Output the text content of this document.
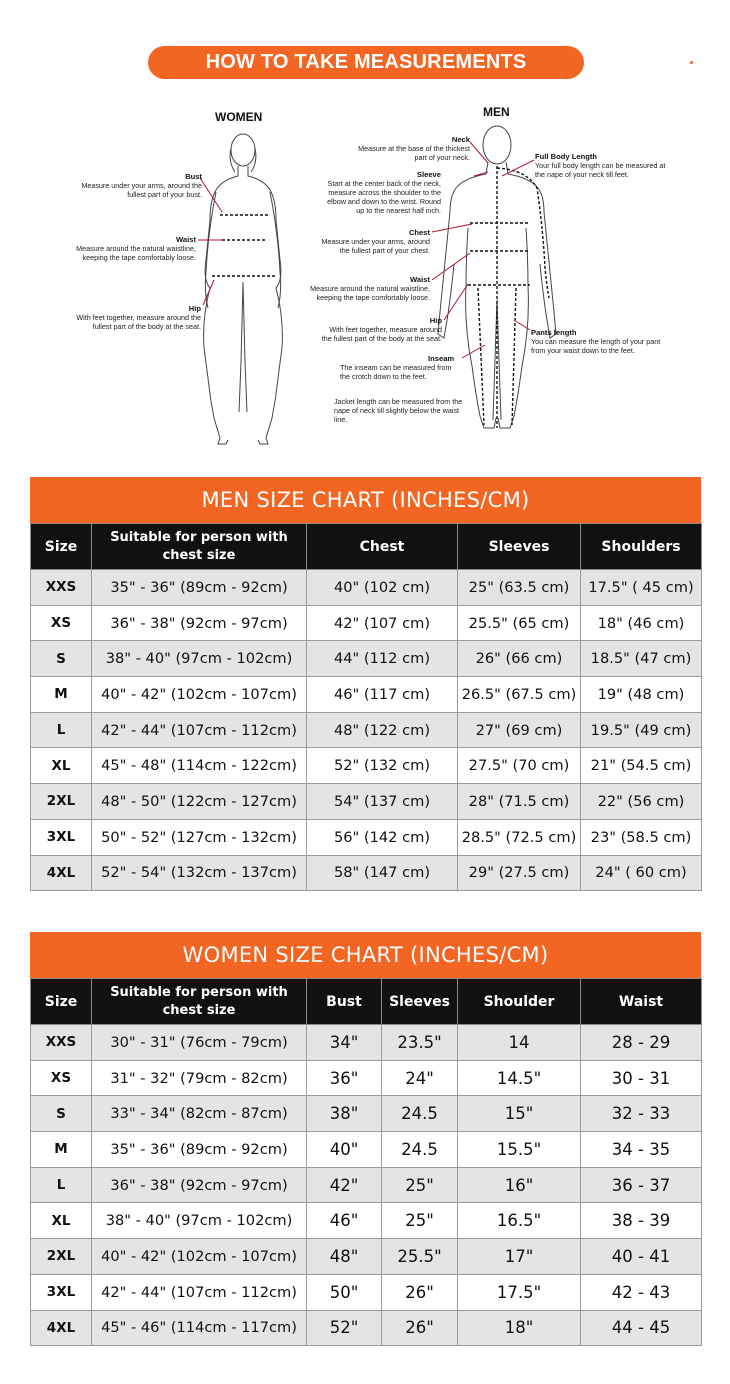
HOW TO TAKE MEASUREMENTS
WOMEN
Bust
Measure under your arms, around the
fullest part of your bust.
Waist
Measure around the natural waistline,
keeping the tape comfortably loose.
Hip
With feet together, measure around the
fullest part of the body at the seat.
MEN
Neck
Measure at the base of the thickest
part of your neck.
Sleeve
Start at the center back of the neck,
measure across the shoulder to the
elbow and down to the wrist. Round
up to the nearest half inch.
Chest
Measure under your arms, around
the fullest part of your chest.
Waist
Measure around the natural waistline,
keeping the tape comfortably loose.
Hip
With feet together, measure around
the fullest part of the body at the seat.
Inseam
The inseam can be measured from
the crotch down to the feet.
Jacket length can be measured from the
nape of neck till slightly below the waist
line.
Full Body Length
Your full body length can be measured at
the nape of your neck till feet.
Pants length
You can measure the length of your pant
from your waist down to the feet.
MEN SIZE CHART (INCHES/CM)
Size	Suitable for person with chest size	Chest	Sleeves	Shoulders
XXS	35" - 36" (89cm - 92cm)	40" (102 cm)	25" (63.5 cm)	17.5" ( 45 cm)
XS	36" - 38" (92cm - 97cm)	42" (107 cm)	25.5" (65 cm)	18" (46 cm)
S	38" - 40" (97cm - 102cm)	44" (112 cm)	26" (66 cm)	18.5" (47 cm)
M	40" - 42" (102cm - 107cm)	46" (117 cm)	26.5" (67.5 cm)	19" (48 cm)
L	42" - 44" (107cm - 112cm)	48" (122 cm)	27" (69 cm)	19.5" (49 cm)
XL	45" - 48" (114cm - 122cm)	52" (132 cm)	27.5" (70 cm)	21" (54.5 cm)
2XL	48" - 50" (122cm - 127cm)	54" (137 cm)	28" (71.5 cm)	22" (56 cm)
3XL	50" - 52" (127cm - 132cm)	56" (142 cm)	28.5" (72.5 cm)	23" (58.5 cm)
4XL	52" - 54" (132cm - 137cm)	58" (147 cm)	29" (27.5 cm)	24" ( 60 cm)
WOMEN SIZE CHART (INCHES/CM)
Size	Suitable for person with chest size	Bust	Sleeves	Shoulder	Waist
XXS	30" - 31" (76cm - 79cm)	34"	23.5"	14	28 - 29
XS	31" - 32" (79cm - 82cm)	36"	24"	14.5"	30 - 31
S	33" - 34" (82cm - 87cm)	38"	24.5	15"	32 - 33
M	35" - 36" (89cm - 92cm)	40"	24.5	15.5"	34 - 35
L	36" - 38" (92cm - 97cm)	42"	25"	16"	36 - 37
XL	38" - 40" (97cm - 102cm)	46"	25"	16.5"	38 - 39
2XL	40" - 42" (102cm - 107cm)	48"	25.5"	17"	40 - 41
3XL	42" - 44" (107cm - 112cm)	50"	26"	17.5"	42 - 43
4XL	45" - 46" (114cm - 117cm)	52"	26"	18"	44 - 45
